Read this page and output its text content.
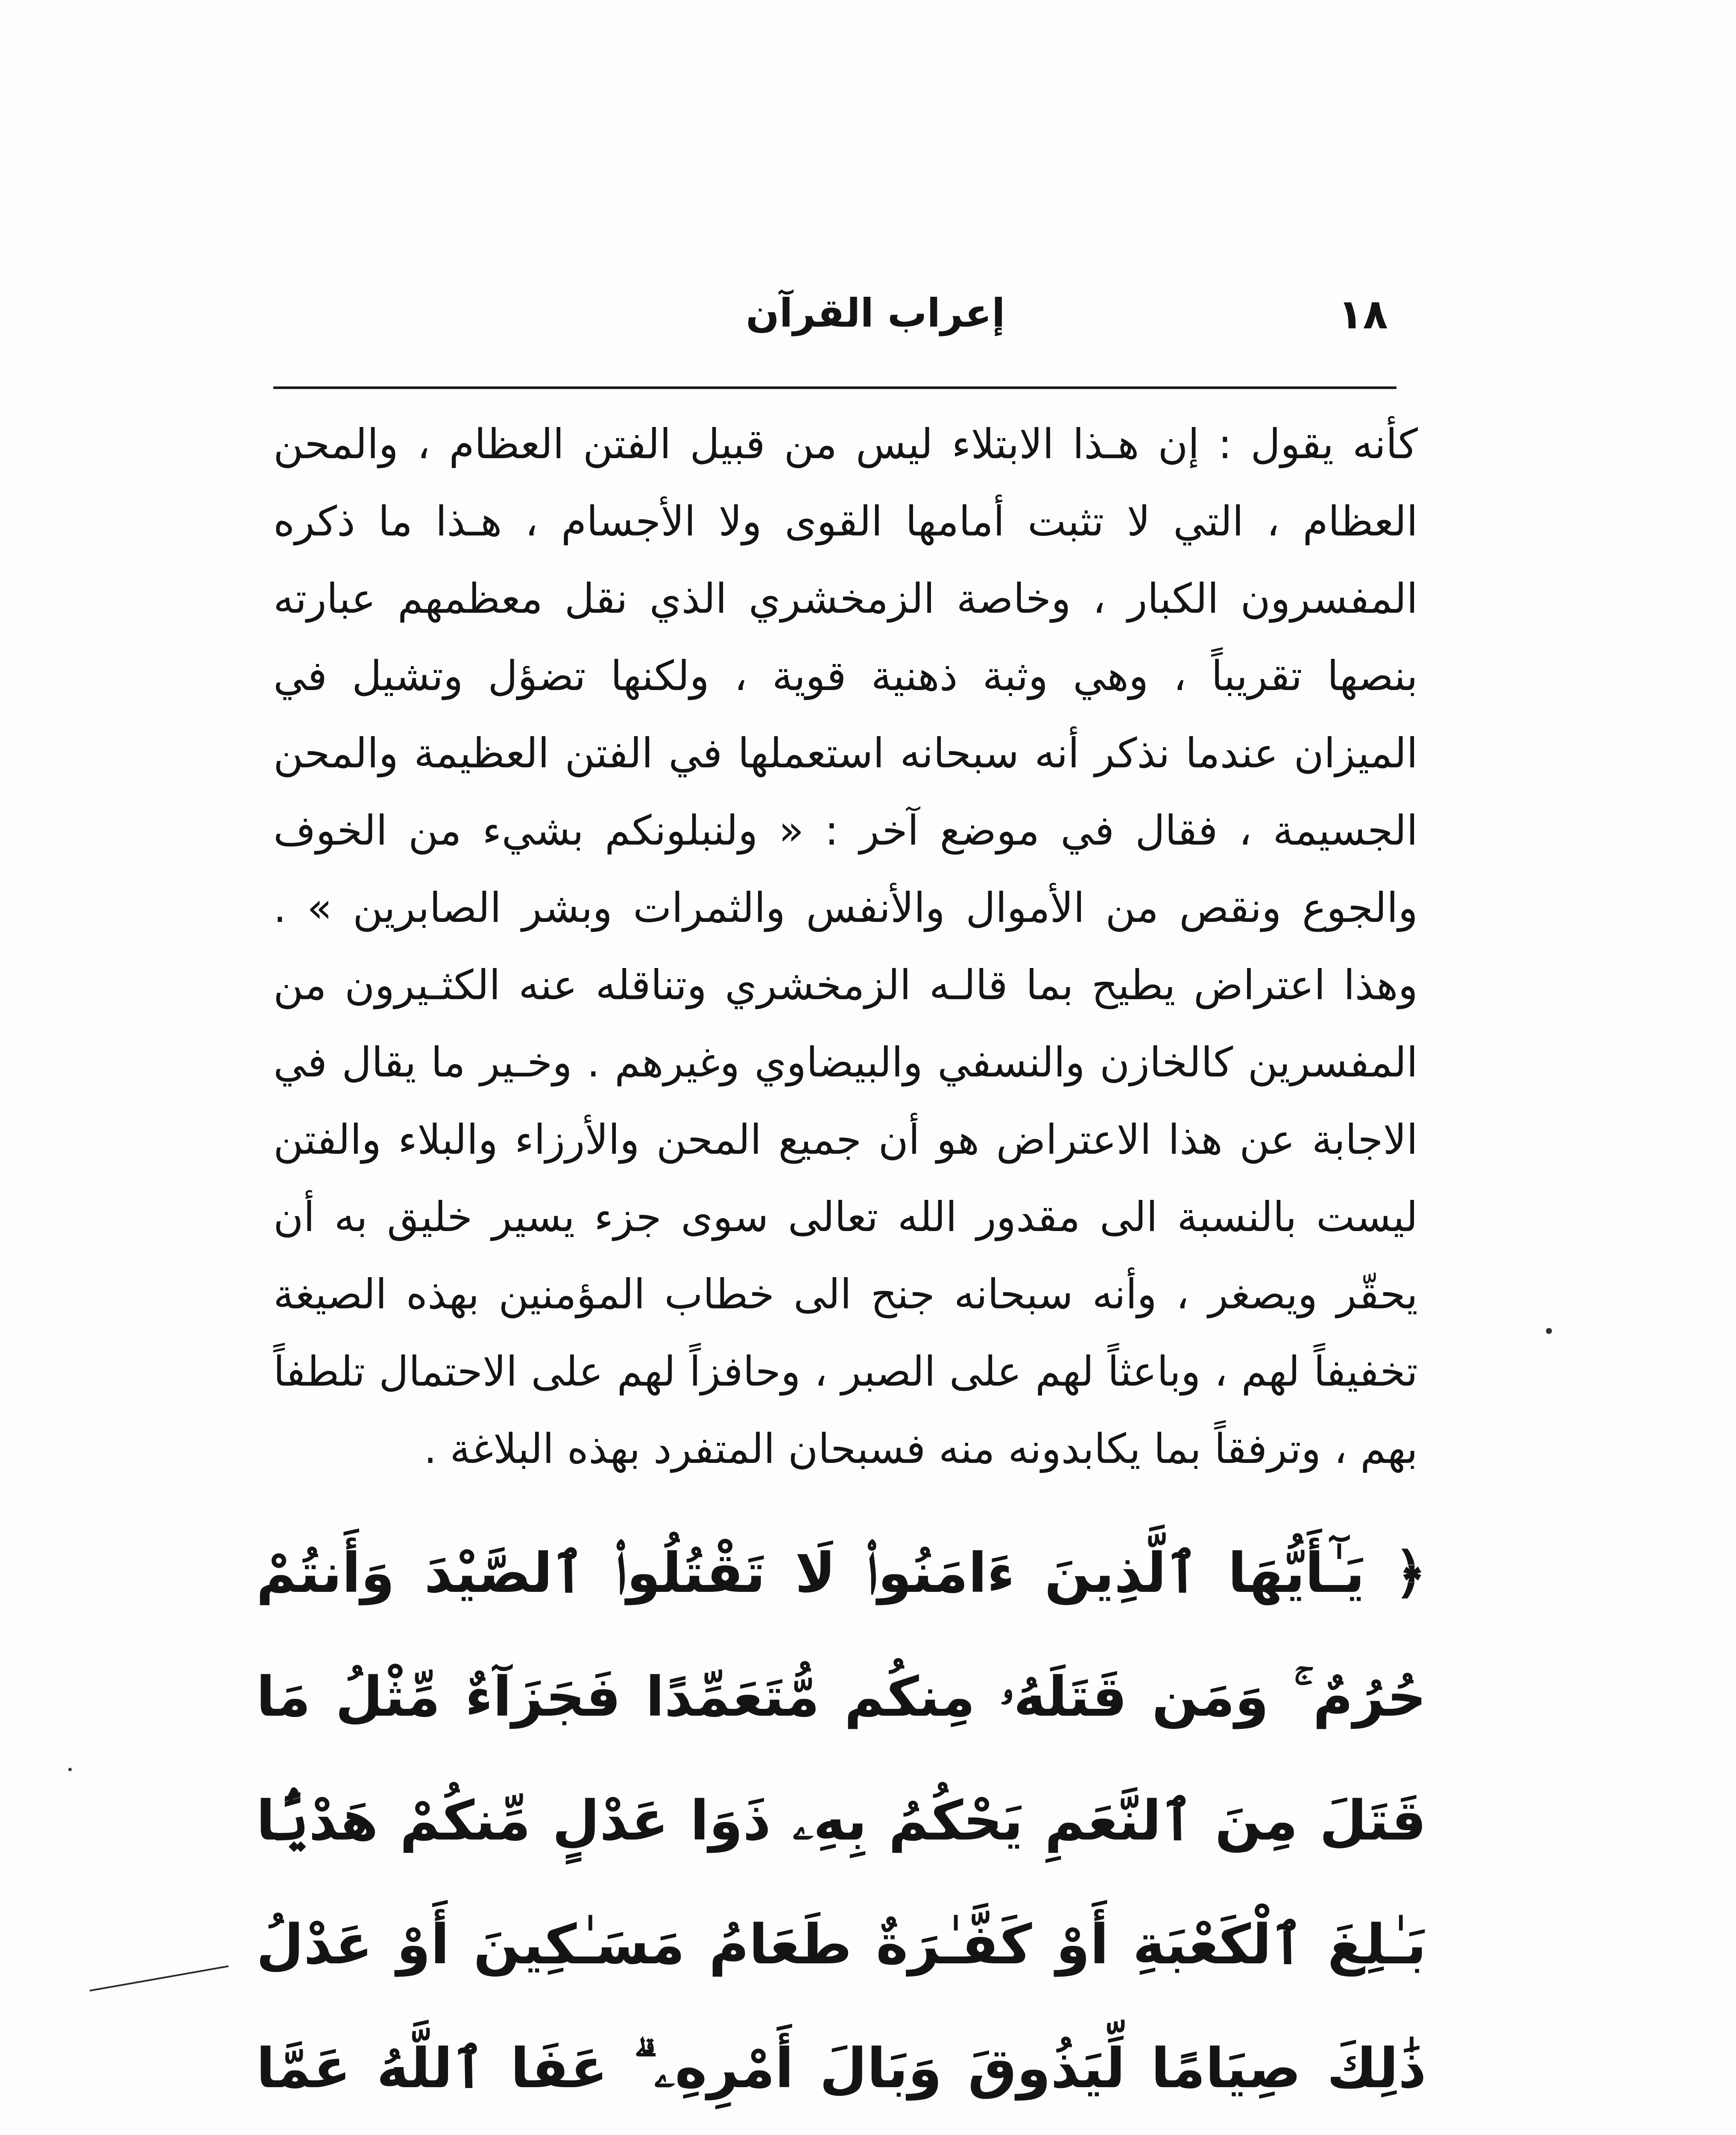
١٨
إعراب القرآن
كأنه يقول : إن هـذا الابتلاء ليس من قبيل الفتن العظام ، والمحن العظام ، التي لا تثبت أمامها القوى ولا الأجسام ، هـذا ما ذكره المفسرون الكبار ، وخاصة الزمخشري الذي نقل معظمهم عبارته بنصها تقريباً ، وهي وثبة ذهنية قوية ، ولكنها تضؤل وتشيل في الميزان عندما نذكر أنه سبحانه استعملها في الفتن العظيمة والمحن الجسيمة ، فقال في موضع آخر : « ولنبلونكم بشيء من الخوف والجوع ونقص من الأموال والأنفس والثمرات وبشر الصابرين » . وهذا اعتراض يطيح بما قالـه الزمخشري وتناقله عنه الكثـيرون من المفسرين كالخازن والنسفي والبيضاوي وغيرهم . وخـير ما يقال في الاجابة عن هذا الاعتراض هو أن جميع المحن والأرزاء والبلاء والفتن ليست بالنسبة الى مقدور الله تعالى سوى جزء يسير خليق به أن يحقّر ويصغر ، وأنه سبحانه جنح الى خطاب المؤمنين بهذه الصيغة تخفيفاً لهم ، وباعثاً لهم على الصبر ، وحافزاً لهم على الاحتمال تلطفاً بهم ، وترفقاً بما يكابدونه منه فسبحان المتفرد بهذه البلاغة .
﴿ يَـٰٓأَيُّهَا ٱلَّذِينَ ءَامَنُوا۟ لَا تَقْتُلُوا۟ ٱلصَّيْدَ وَأَنتُمْ حُرُمٌ ۚ وَمَن قَتَلَهُۥ مِنكُم مُّتَعَمِّدًا فَجَزَآءٌ مِّثْلُ مَا قَتَلَ مِنَ ٱلنَّعَمِ يَحْكُمُ بِهِۦ ذَوَا عَدْلٍ مِّنكُمْ هَدْيًۢا بَـٰلِغَ ٱلْكَعْبَةِ أَوْ كَفَّـٰرَةٌ طَعَامُ مَسَـٰكِينَ أَوْ عَدْلُ ذَٰلِكَ صِيَامًا لِّيَذُوقَ وَبَالَ أَمْرِهِۦ ۗ عَفَا ٱللَّهُ عَمَّا
